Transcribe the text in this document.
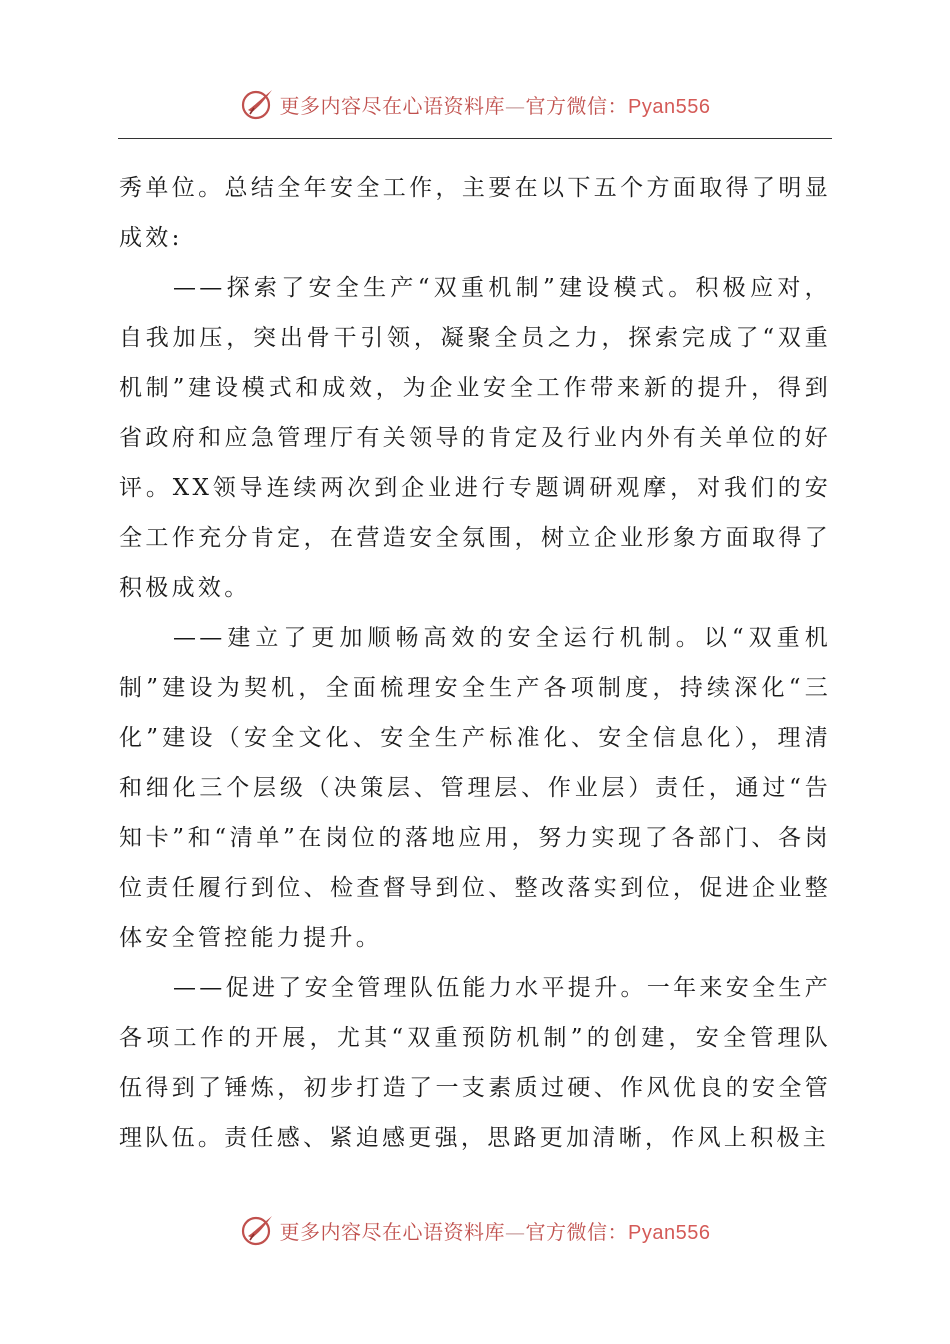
更多内容尽在心语资料库—官方微信：Pyan556

秀单位。总结全年安全工作，主要在以下五个方面取得了明显成效:

——探索了安全生产“双重机制”建设模式。积极应对，自我加压，突出骨干引领，凝聚全员之力，探索完成了“双重机制”建设模式和成效，为企业安全工作带来新的提升，得到省政府和应急管理厅有关领导的肯定及行业内外有关单位的好评。XX领导连续两次到企业进行专题调研观摩，对我们的安全工作充分肯定，在营造安全氛围，树立企业形象方面取得了积极成效。

——建立了更加顺畅高效的安全运行机制。以“双重机制”建设为契机，全面梳理安全生产各项制度，持续深化“三化”建设（安全文化、安全生产标准化、安全信息化），理清和细化三个层级（决策层、管理层、作业层）责任，通过“告知卡”和“清单”在岗位的落地应用，努力实现了各部门、各岗位责任履行到位、检查督导到位、整改落实到位，促进企业整体安全管控能力提升。

——促进了安全管理队伍能力水平提升。一年来安全生产各项工作的开展，尤其“双重预防机制”的创建，安全管理队伍得到了锤炼，初步打造了一支素质过硬、作风优良的安全管理队伍。责任感、紧迫感更强，思路更加清晰，作风上积极主

更多内容尽在心语资料库—官方微信：Pyan556
